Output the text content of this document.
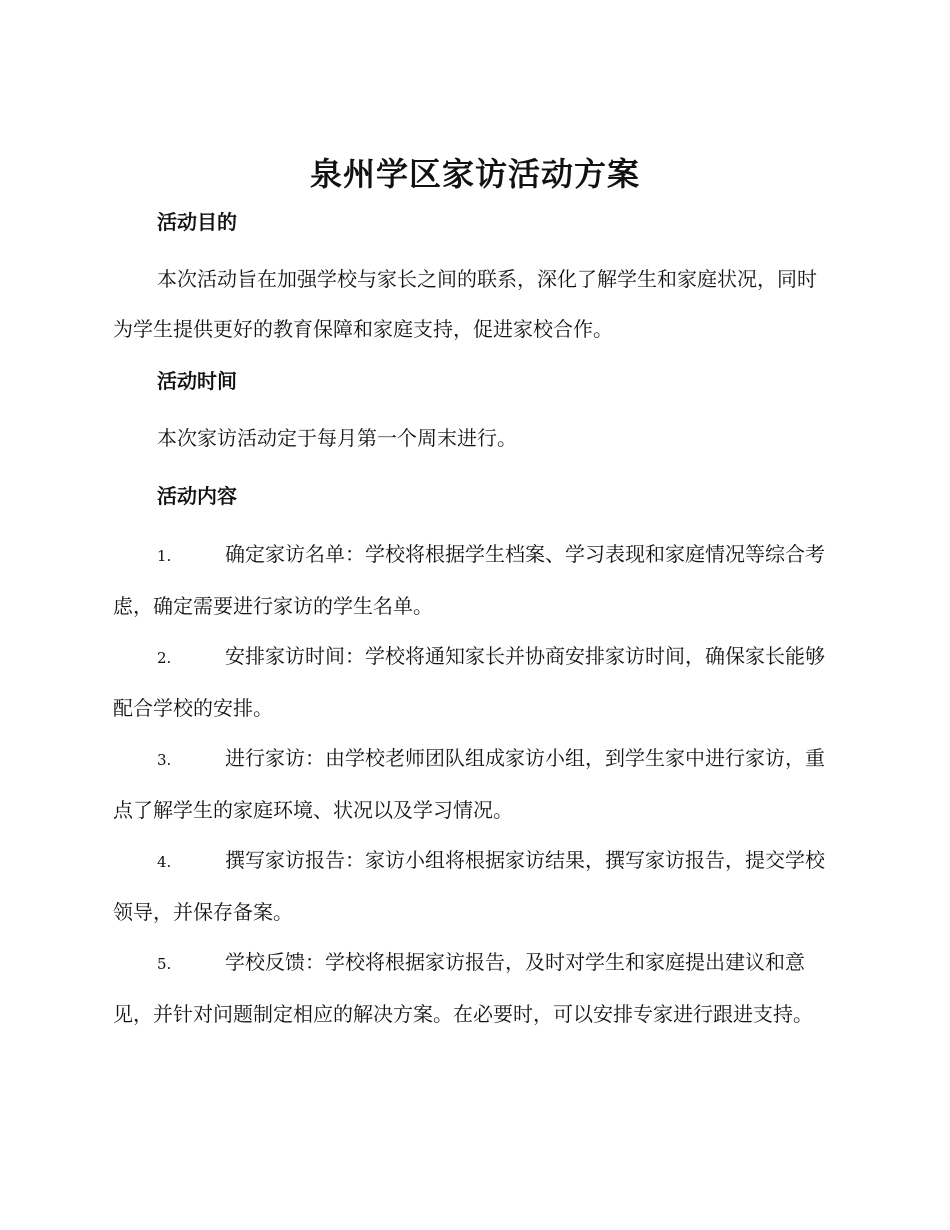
泉州学区家访活动方案
活动目的

本次活动旨在加强学校与家长之间的联系，深化了解学生和家庭状况，同时为学生提供更好的教育保障和家庭支持，促进家校合作。

活动时间

本次家访活动定于每月第一个周末进行。

活动内容

1.	确定家访名单：学校将根据学生档案、学习表现和家庭情况等综合考虑，确定需要进行家访的学生名单。

2.	安排家访时间：学校将通知家长并协商安排家访时间，确保家长能够配合学校的安排。

3.	进行家访：由学校老师团队组成家访小组，到学生家中进行家访，重点了解学生的家庭环境、状况以及学习情况。

4.	撰写家访报告：家访小组将根据家访结果，撰写家访报告，提交学校领导，并保存备案。

5.	学校反馈：学校将根据家访报告，及时对学生和家庭提出建议和意见，并针对问题制定相应的解决方案。在必要时，可以安排专家进行跟进支持。
